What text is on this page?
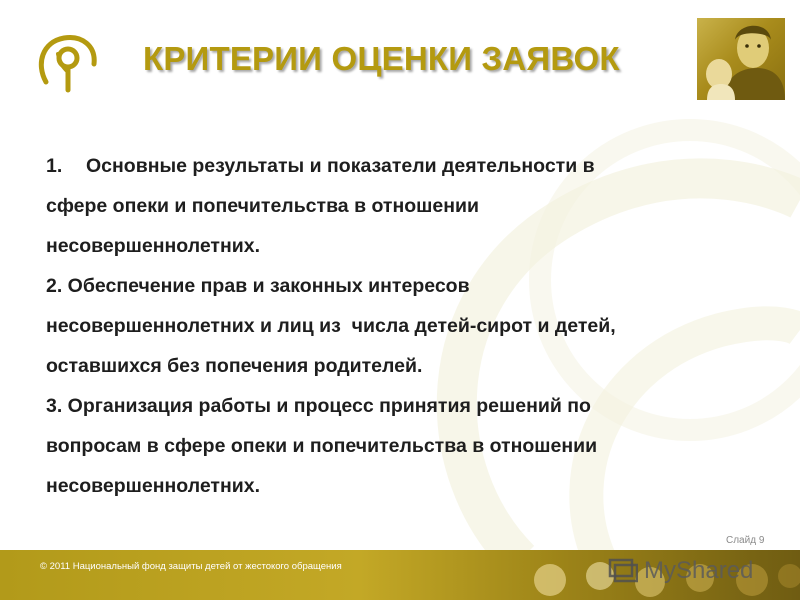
КРИТЕРИИ ОЦЕНКИ ЗАЯВОК

1. Основные результаты и показатели деятельности в

сфере опеки и попечительства в отношении

несовершеннолетних.

2. Обеспечение прав и законных интересов

несовершеннолетних и лиц из  числа детей-сирот и детей,

оставшихся без попечения родителей.

3. Организация работы и процесс принятия решений по

вопросам в сфере опеки и попечительства в отношении

несовершеннолетних.

Слайд 9
© 2011 Национальный фонд защиты детей от жестокого обращения	MyShared
